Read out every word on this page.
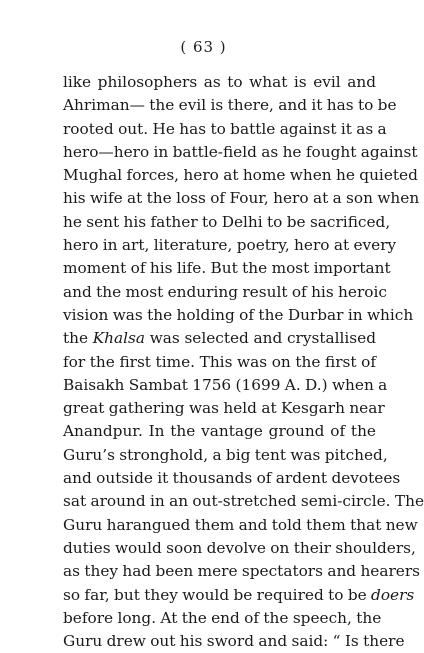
( 63 )
like philosophers as to what is evil and
Ahriman— the evil is there, and it has to be
rooted out. He has to battle against it as a
hero—hero in battle-field as he fought against
Mughal forces, hero at home when he quieted
his wife at the loss of Four, hero at a son when
he sent his father to Delhi to be sacrificed,
hero in art, literature, poetry, hero at every
moment of his life. But the most important
and the most enduring result of his heroic
vision was the holding of the Durbar in which
the Khalsa was selected and crystallised
for the first time. This was on the first of
Baisakh Sambat 1756 (1699 A. D.) when a
great gathering was held at Kesgarh near
Anandpur. In the vantage ground of the
Guru’s stronghold, a big tent was pitched,
and outside it thousands of ardent devotees
sat around in an out-stretched semi-circle. The
Guru harangued them and told them that new
duties would soon devolve on their shoulders,
as they had been mere spectators and hearers
so far, but they would be required to be doers
before long. At the end of the speech, the
Guru drew out his sword and said: “ Is there
